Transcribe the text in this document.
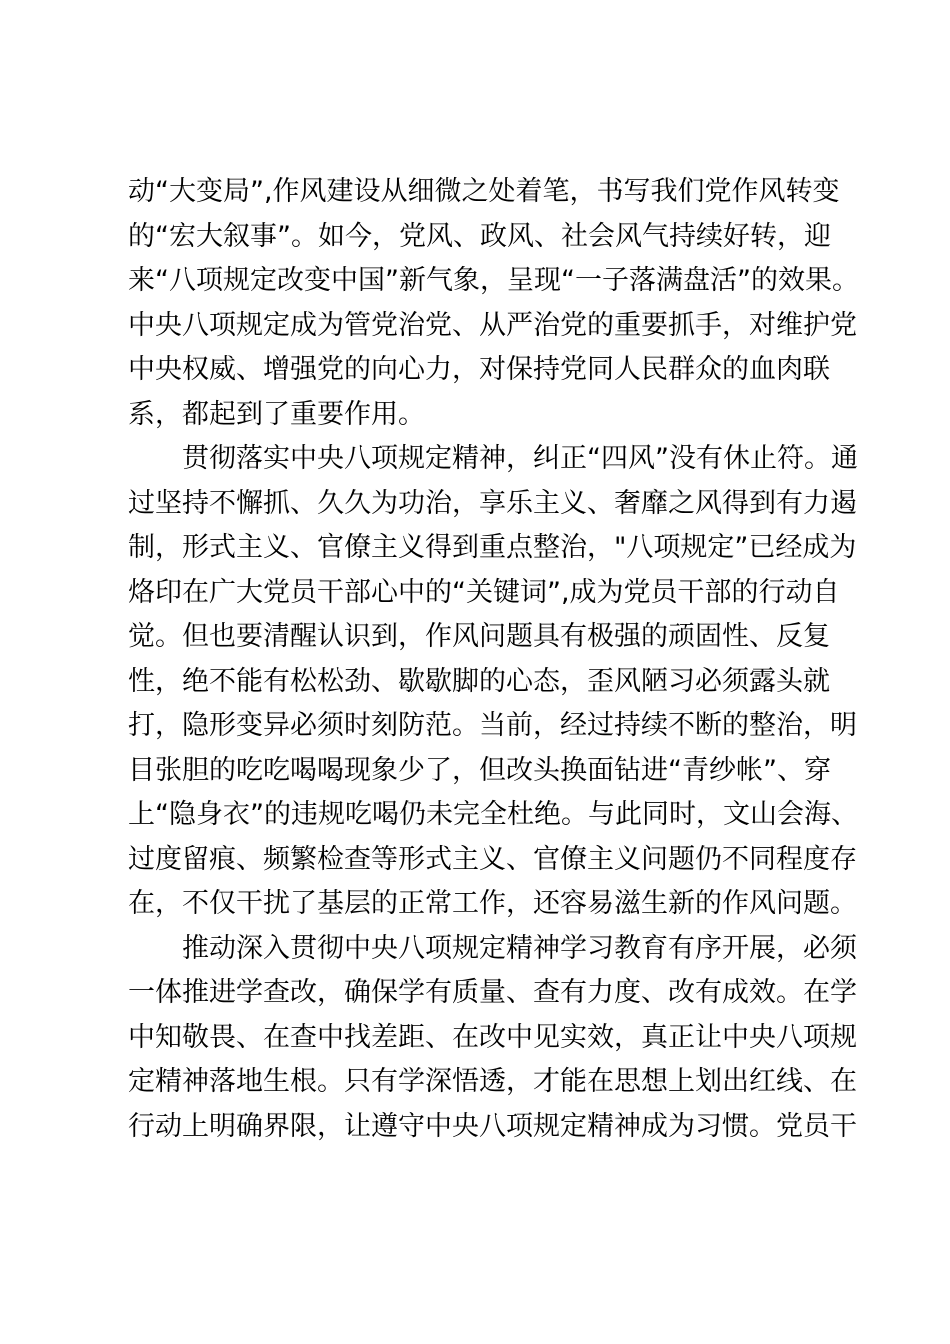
动“大变局”,作风建设从细微之处着笔，书写我们党作风转变
的“宏大叙事”。如今，党风、政风、社会风气持续好转，迎
来“八项规定改变中国”新气象，呈现“一子落满盘活”的效果。
中央八项规定成为管党治党、从严治党的重要抓手，对维护党
中央权威、增强党的向心力，对保持党同人民群众的血肉联
系，都起到了重要作用。
　　贯彻落实中央八项规定精神，纠正“四风”没有休止符。通
过坚持不懈抓、久久为功治，享乐主义、奢靡之风得到有力遏
制，形式主义、官僚主义得到重点整治，"八项规定”已经成为
烙印在广大党员干部心中的“关键词”,成为党员干部的行动自
觉。但也要清醒认识到，作风问题具有极强的顽固性、反复
性，绝不能有松松劲、歇歇脚的心态，歪风陋习必须露头就
打，隐形变异必须时刻防范。当前，经过持续不断的整治，明
目张胆的吃吃喝喝现象少了，但改头换面钻进“青纱帐”、穿
上“隐身衣”的违规吃喝仍未完全杜绝。与此同时，文山会海、
过度留痕、频繁检查等形式主义、官僚主义问题仍不同程度存
在，不仅干扰了基层的正常工作，还容易滋生新的作风问题。
　　推动深入贯彻中央八项规定精神学习教育有序开展，必须
一体推进学查改，确保学有质量、查有力度、改有成效。在学
中知敬畏、在查中找差距、在改中见实效，真正让中央八项规
定精神落地生根。只有学深悟透，才能在思想上划出红线、在
行动上明确界限，让遵守中央八项规定精神成为习惯。党员干
